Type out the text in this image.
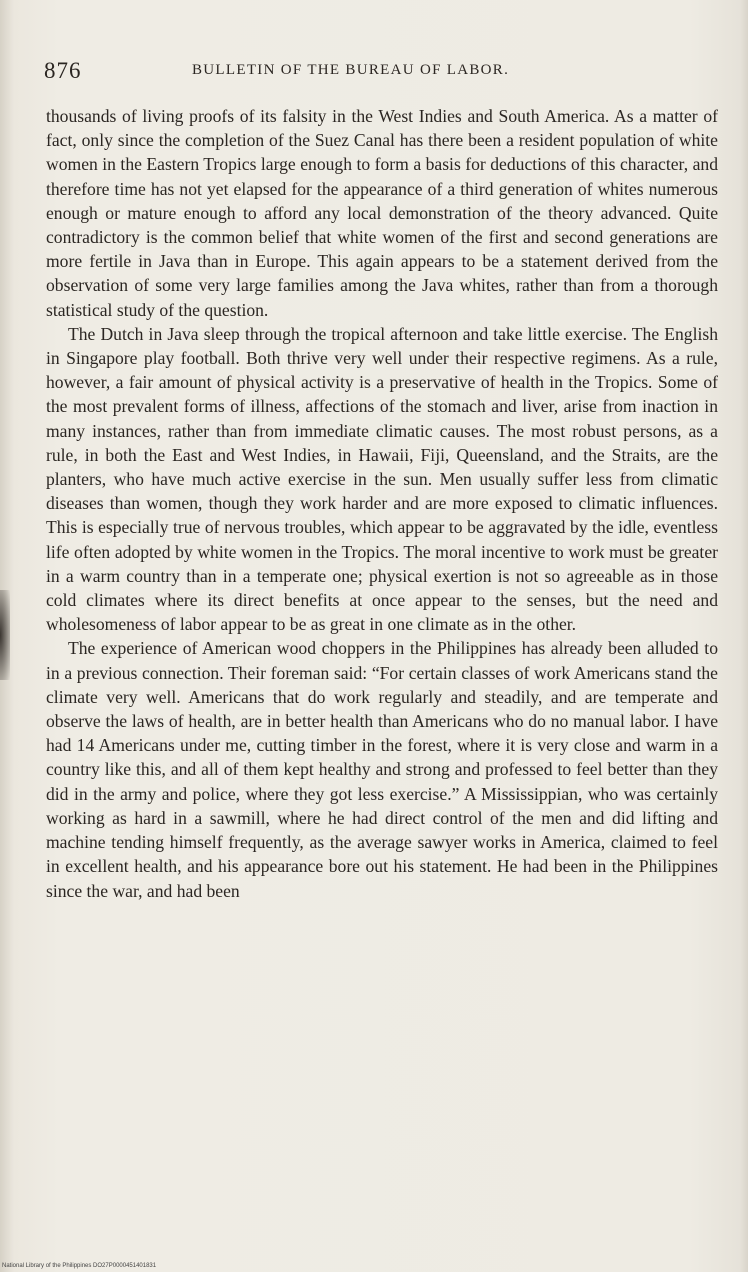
876	BULLETIN OF THE BUREAU OF LABOR.

thousands of living proofs of its falsity in the West Indies and South America. As a matter of fact, only since the completion of the Suez Canal has there been a resident population of white women in the Eastern Tropics large enough to form a basis for deductions of this character, and therefore time has not yet elapsed for the appearance of a third generation of whites numerous enough or mature enough to afford any local demonstration of the theory advanced. Quite contradictory is the common belief that white women of the first and second generations are more fertile in Java than in Europe. This again appears to be a statement derived from the observation of some very large families among the Java whites, rather than from a thorough statistical study of the question.

The Dutch in Java sleep through the tropical afternoon and take little exercise. The English in Singapore play football. Both thrive very well under their respective regimens. As a rule, however, a fair amount of physical activity is a preservative of health in the Tropics. Some of the most prevalent forms of illness, affections of the stomach and liver, arise from inaction in many instances, rather than from immediate climatic causes. The most robust persons, as a rule, in both the East and West Indies, in Hawaii, Fiji, Queensland, and the Straits, are the planters, who have much active exercise in the sun. Men usually suffer less from climatic diseases than women, though they work harder and are more exposed to climatic influences. This is especially true of nervous troubles, which appear to be aggravated by the idle, eventless life often adopted by white women in the Tropics. The moral incentive to work must be greater in a warm country than in a temperate one; physical exertion is not so agreeable as in those cold climates where its direct benefits at once appear to the senses, but the need and wholesomeness of labor appear to be as great in one climate as in the other.

The experience of American wood choppers in the Philippines has already been alluded to in a previous connection. Their foreman said: “For certain classes of work Americans stand the climate very well. Americans that do work regularly and steadily, and are temperate and observe the laws of health, are in better health than Americans who do no manual labor. I have had 14 Americans under me, cutting timber in the forest, where it is very close and warm in a country like this, and all of them kept healthy and strong and professed to feel better than they did in the army and police, where they got less exercise.” A Mississippian, who was certainly working as hard in a sawmill, where he had direct control of the men and did lifting and machine tending himself frequently, as the average sawyer works in America, claimed to feel in excellent health, and his appearance bore out his statement. He had been in the Philippines since the war, and had been

National Library of the Philippines DO27P0000451401831
